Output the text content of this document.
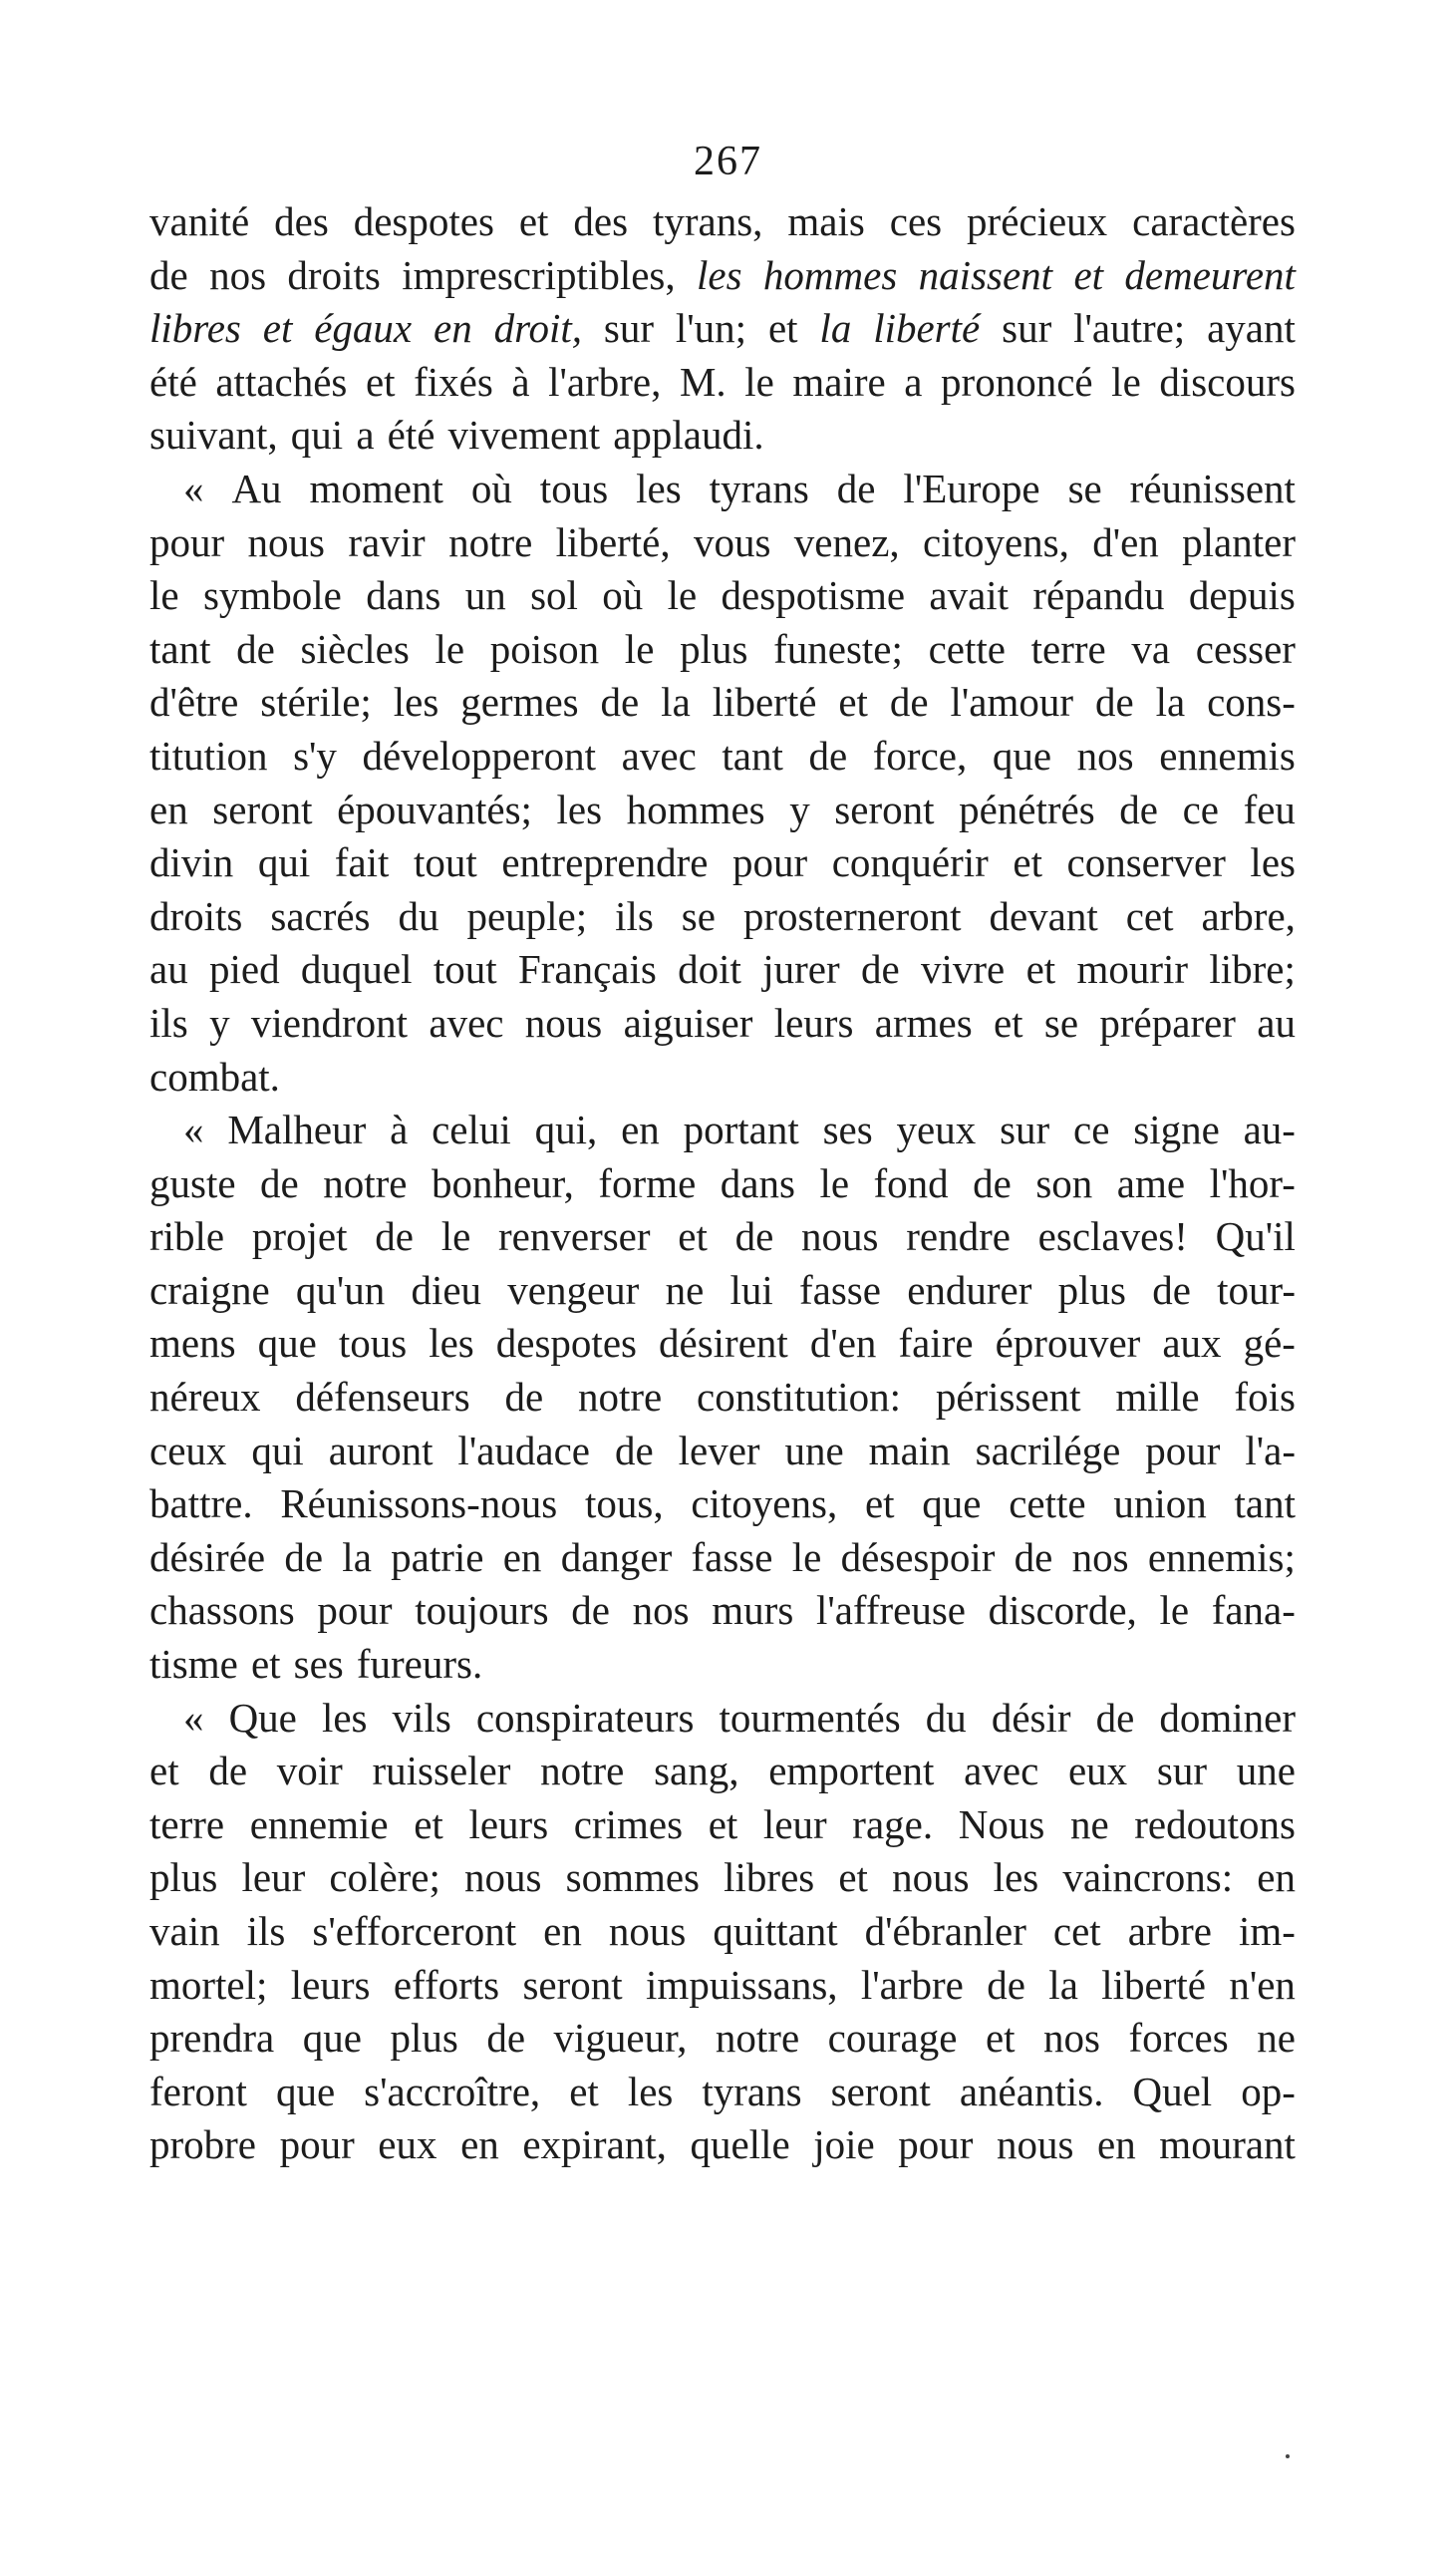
267
vanité des despotes et des tyrans, mais ces précieux caractères
de nos droits imprescriptibles, les hommes naissent et demeurent
libres et égaux en droit, sur l'un; et la liberté sur l'autre; ayant
été attachés et fixés à l'arbre, M. le maire a prononcé le discours
suivant, qui a été vivement applaudi.
« Au moment où tous les tyrans de l'Europe se réunissent
pour nous ravir notre liberté, vous venez, citoyens, d'en planter
le symbole dans un sol où le despotisme avait répandu depuis
tant de siècles le poison le plus funeste; cette terre va cesser
d'être stérile; les germes de la liberté et de l'amour de la cons-
titution s'y développeront avec tant de force, que nos ennemis
en seront épouvantés; les hommes y seront pénétrés de ce feu
divin qui fait tout entreprendre pour conquérir et conserver les
droits sacrés du peuple; ils se prosterneront devant cet arbre,
au pied duquel tout Français doit jurer de vivre et mourir libre;
ils y viendront avec nous aiguiser leurs armes et se préparer au
combat.
« Malheur à celui qui, en portant ses yeux sur ce signe au-
guste de notre bonheur, forme dans le fond de son ame l'hor-
rible projet de le renverser et de nous rendre esclaves! Qu'il
craigne qu'un dieu vengeur ne lui fasse endurer plus de tour-
mens que tous les despotes désirent d'en faire éprouver aux gé-
néreux défenseurs de notre constitution: périssent mille fois
ceux qui auront l'audace de lever une main sacrilége pour l'a-
battre. Réunissons-nous tous, citoyens, et que cette union tant
désirée de la patrie en danger fasse le désespoir de nos ennemis;
chassons pour toujours de nos murs l'affreuse discorde, le fana-
tisme et ses fureurs.
« Que les vils conspirateurs tourmentés du désir de dominer
et de voir ruisseler notre sang, emportent avec eux sur une
terre ennemie et leurs crimes et leur rage. Nous ne redoutons
plus leur colère; nous sommes libres et nous les vaincrons: en
vain ils s'efforceront en nous quittant d'ébranler cet arbre im-
mortel; leurs efforts seront impuissans, l'arbre de la liberté n'en
prendra que plus de vigueur, notre courage et nos forces ne
feront que s'accroître, et les tyrans seront anéantis. Quel op-
probre pour eux en expirant, quelle joie pour nous en mourant
